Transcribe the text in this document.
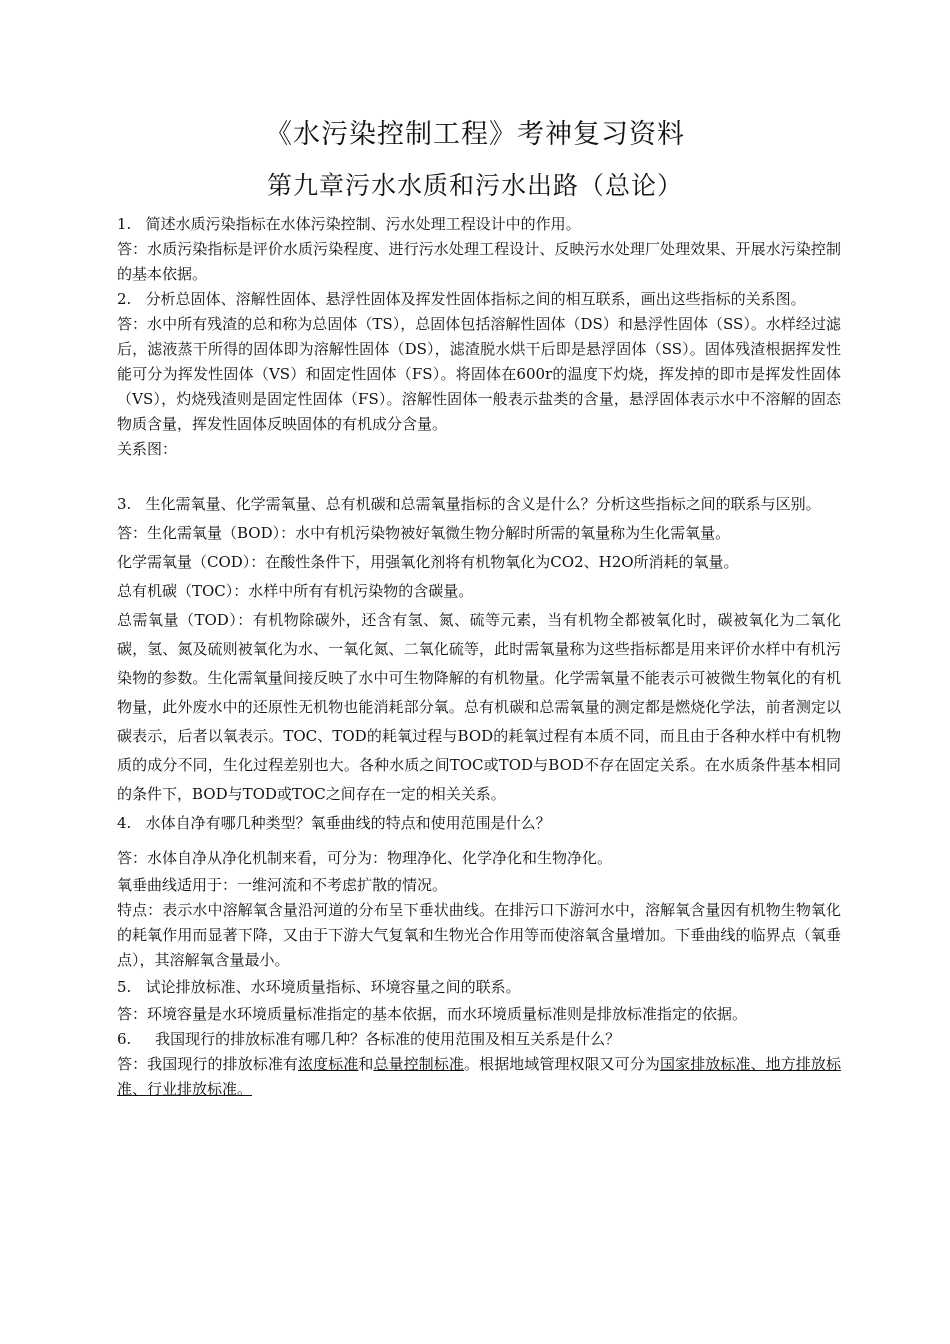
《水污染控制工程》考神复习资料
第九章污水水质和污水出路（总论）

1.   简述水质污染指标在水体污染控制、污水处理工程设计中的作用。

答：水质污染指标是评价水质污染程度、进行污水处理工程设计、反映污水处理厂处理效果、开展水污染控制的基本依据。

2.   分析总固体、溶解性固体、悬浮性固体及挥发性固体指标之间的相互联系，画出这些指标的关系图。

答：水中所有残渣的总和称为总固体（TS），总固体包括溶解性固体（DS）和悬浮性固体（SS）。水样经过滤后，滤液蒸干所得的固体即为溶解性固体（DS），滤渣脱水烘干后即是悬浮固体（SS）。固体残渣根据挥发性能可分为挥发性固体（VS）和固定性固体（FS）。将固体在600r的温度下灼烧，挥发掉的即市是挥发性固体（VS），灼烧残渣则是固定性固体（FS）。溶解性固体一般表示盐类的含量，悬浮固体表示水中不溶解的固态物质含量，挥发性固体反映固体的有机成分含量。

关系图：

3.   生化需氧量、化学需氧量、总有机碳和总需氧量指标的含义是什么？分析这些指标之间的联系与区别。

答：生化需氧量（BOD）：水中有机污染物被好氧微生物分解时所需的氧量称为生化需氧量。

化学需氧量（COD）：在酸性条件下，用强氧化剂将有机物氧化为CO2、H2O所消耗的氧量。

总有机碳（TOC）：水样中所有有机污染物的含碳量。

总需氧量（TOD）：有机物除碳外，还含有氢、氮、硫等元素，当有机物全都被氧化时，碳被氧化为二氧化碳，氢、氮及硫则被氧化为水、一氧化氮、二氧化硫等，此时需氧量称为这些指标都是用来评价水样中有机污染物的参数。生化需氧量间接反映了水中可生物降解的有机物量。化学需氧量不能表示可被微生物氧化的有机物量，此外废水中的还原性无机物也能消耗部分氧。总有机碳和总需氧量的测定都是燃烧化学法，前者测定以碳表示，后者以氧表示。TOC、TOD的耗氧过程与BOD的耗氧过程有本质不同，而且由于各种水样中有机物质的成分不同，生化过程差别也大。各种水质之间TOC或TOD与BOD不存在固定关系。在水质条件基本相同的条件下，BOD与TOD或TOC之间存在一定的相关关系。

4.   水体自净有哪几种类型？氧垂曲线的特点和使用范围是什么？

答：水体自净从净化机制来看，可分为：物理净化、化学净化和生物净化。

氧垂曲线适用于：一维河流和不考虑扩散的情况。

特点：表示水中溶解氧含量沿河道的分布呈下垂状曲线。在排污口下游河水中，溶解氧含量因有机物生物氧化的耗氧作用而显著下降，又由于下游大气复氧和生物光合作用等而使溶氧含量增加。下垂曲线的临界点（氧垂点），其溶解氧含量最小。

5.   试论排放标准、水环境质量指标、环境容量之间的联系。

答：环境容量是水环境质量标准指定的基本依据，而水环境质量标准则是排放标准指定的依据。

6.     我国现行的排放标准有哪几种？各标准的使用范围及相互关系是什么？

答：我国现行的排放标准有浓度标准和总量控制标准。根据地域管理权限又可分为国家排放标准、地方排放标准、行业排放标准。
